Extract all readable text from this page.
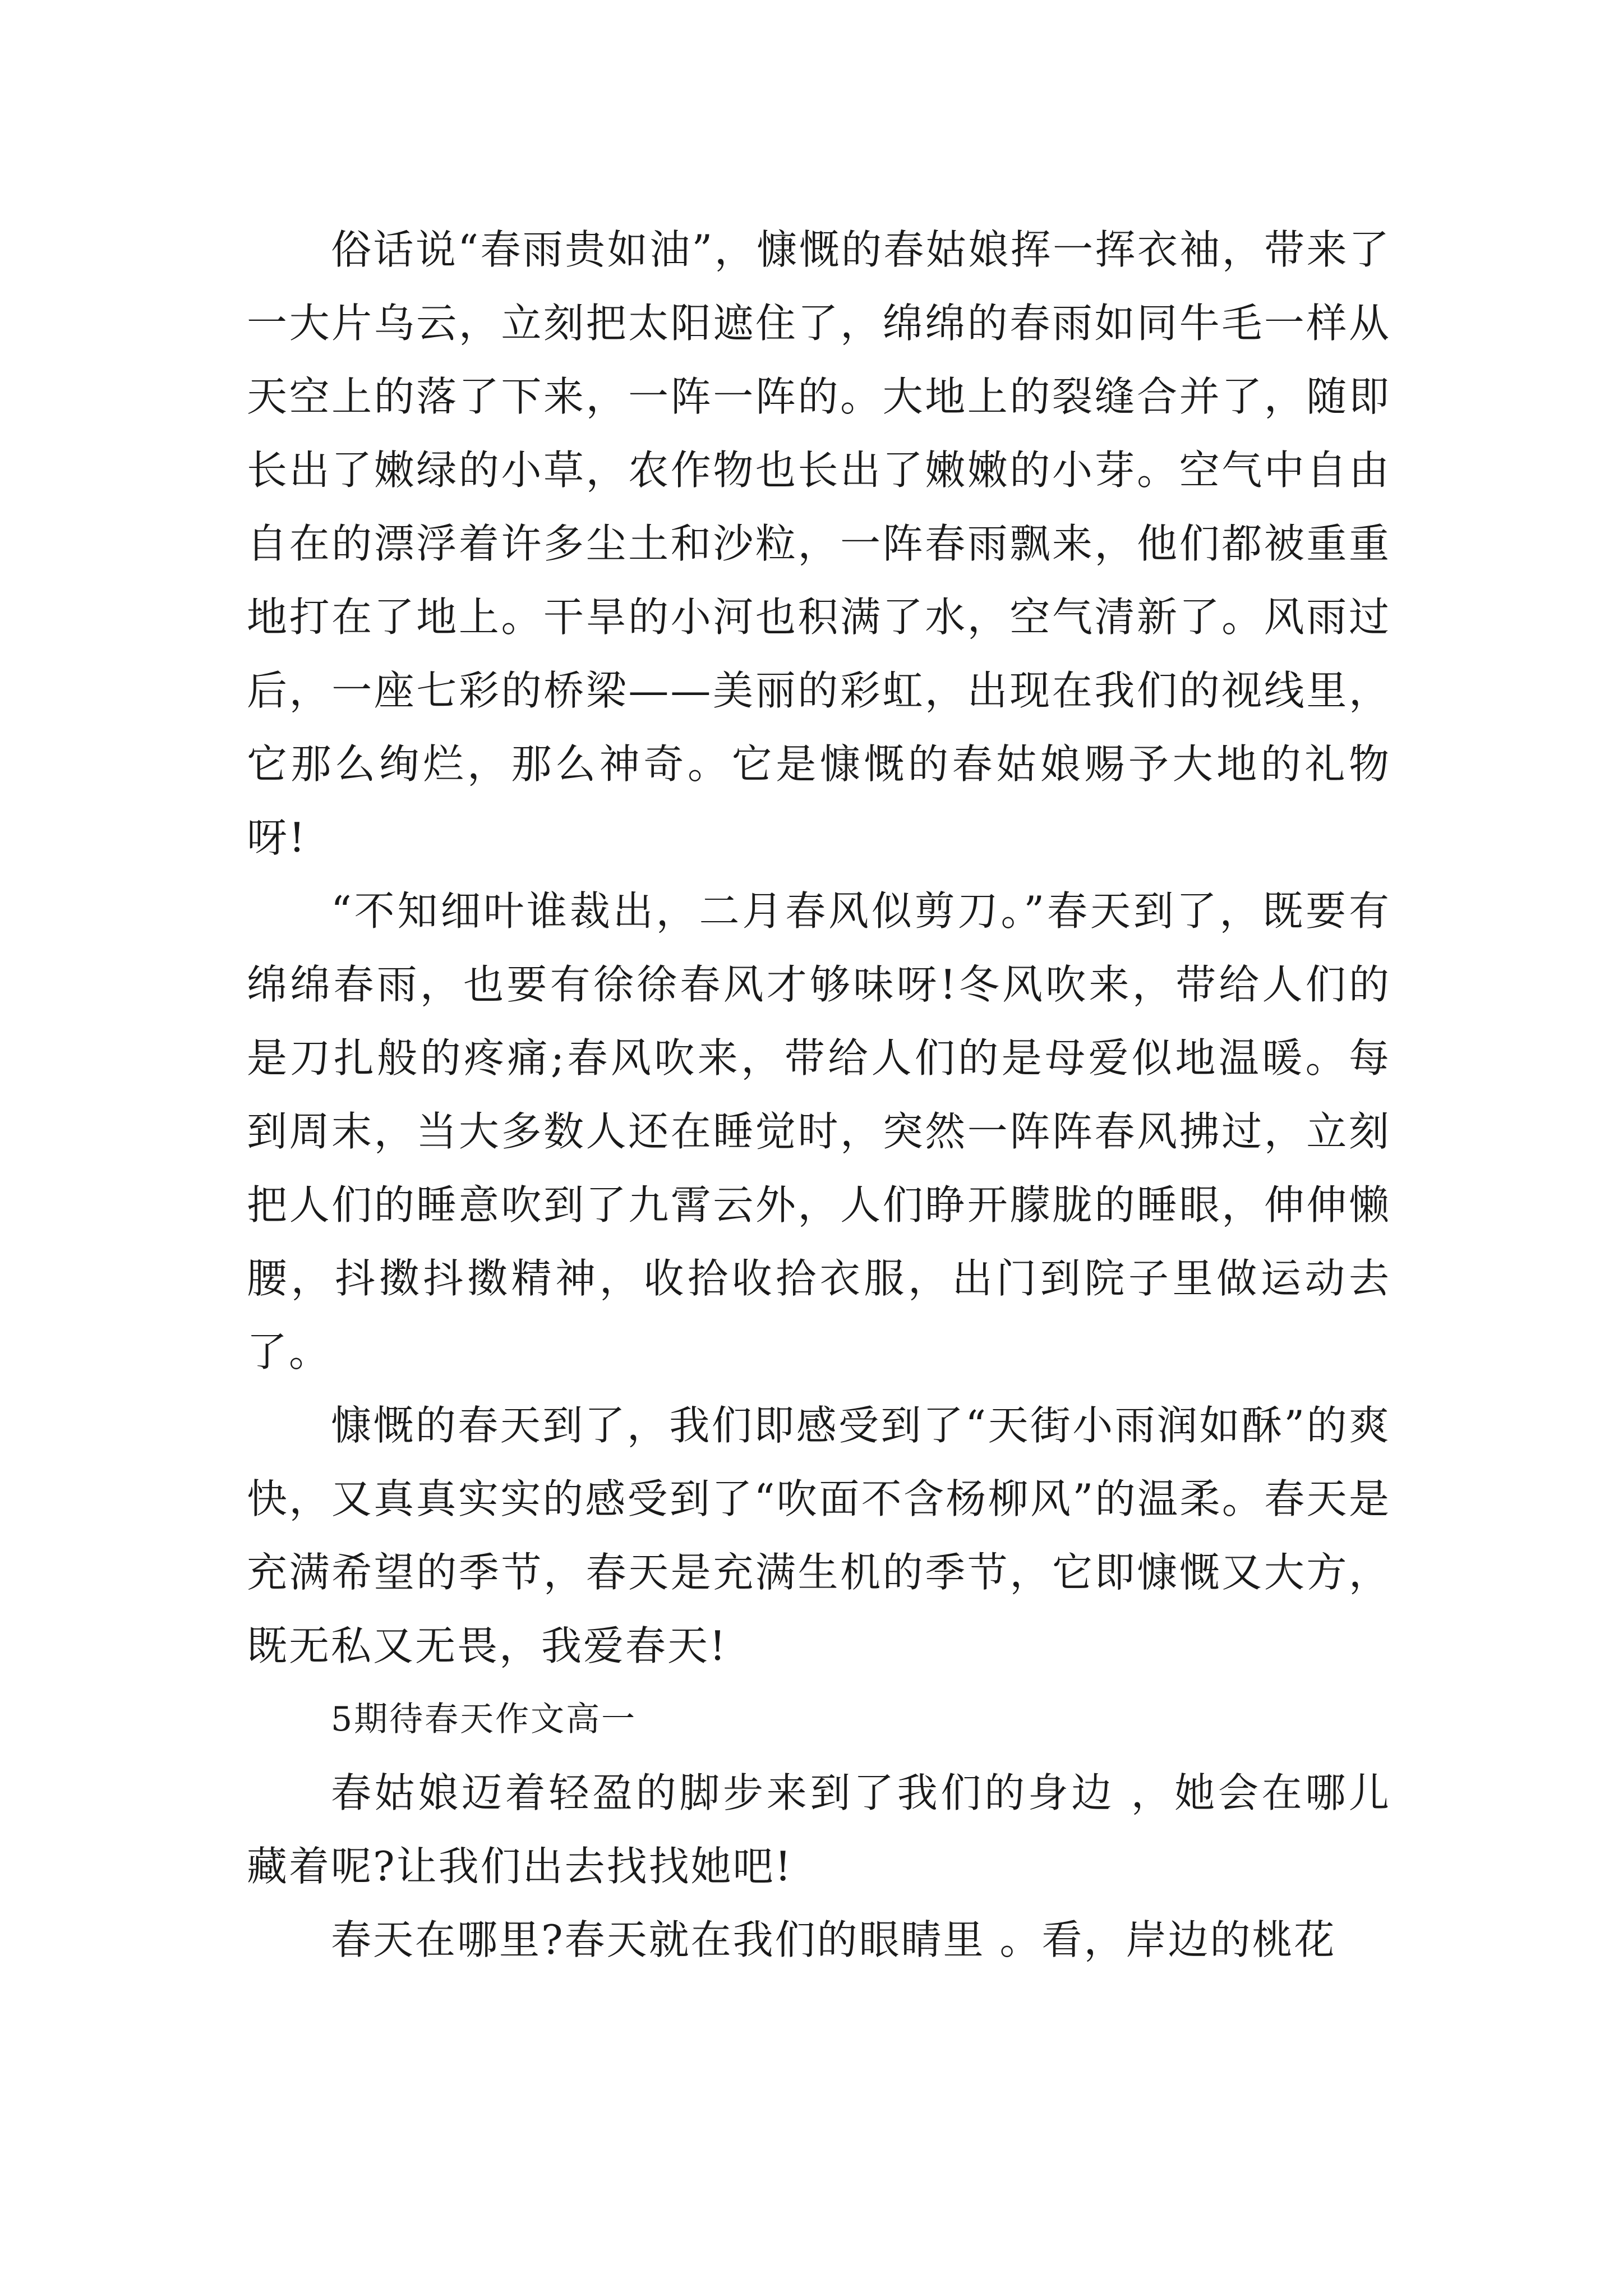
俗话说“春雨贵如油”，慷慨的春姑娘挥一挥衣袖，带来了一大片乌云，立刻把太阳遮住了，绵绵的春雨如同牛毛一样从天空上的落了下来，一阵一阵的。大地上的裂缝合并了，随即长出了嫩绿的小草，农作物也长出了嫩嫩的小芽。空气中自由自在的漂浮着许多尘土和沙粒，一阵春雨飘来，他们都被重重地打在了地上。干旱的小河也积满了水，空气清新了。风雨过后，一座七彩的桥梁——美丽的彩虹，出现在我们的视线里，它那么绚烂，那么神奇。它是慷慨的春姑娘赐予大地的礼物呀!

“不知细叶谁裁出，二月春风似剪刀。”春天到了，既要有绵绵春雨，也要有徐徐春风才够味呀!冬风吹来，带给人们的是刀扎般的疼痛;春风吹来，带给人们的是母爱似地温暖。每到周末，当大多数人还在睡觉时，突然一阵阵春风拂过，立刻把人们的睡意吹到了九霄云外，人们睁开朦胧的睡眼，伸伸懒腰，抖擞抖擞精神，收拾收拾衣服，出门到院子里做运动去了。

慷慨的春天到了，我们即感受到了“天街小雨润如酥”的爽快，又真真实实的感受到了“吹面不含杨柳风”的温柔。春天是充满希望的季节，春天是充满生机的季节，它即慷慨又大方，既无私又无畏，我爱春天!

5期待春天作文高一

春姑娘迈着轻盈的脚步来到了我们的身边 ，她会在哪儿藏着呢?让我们出去找找她吧!

春天在哪里?春天就在我们的眼睛里 。看，岸边的桃花
